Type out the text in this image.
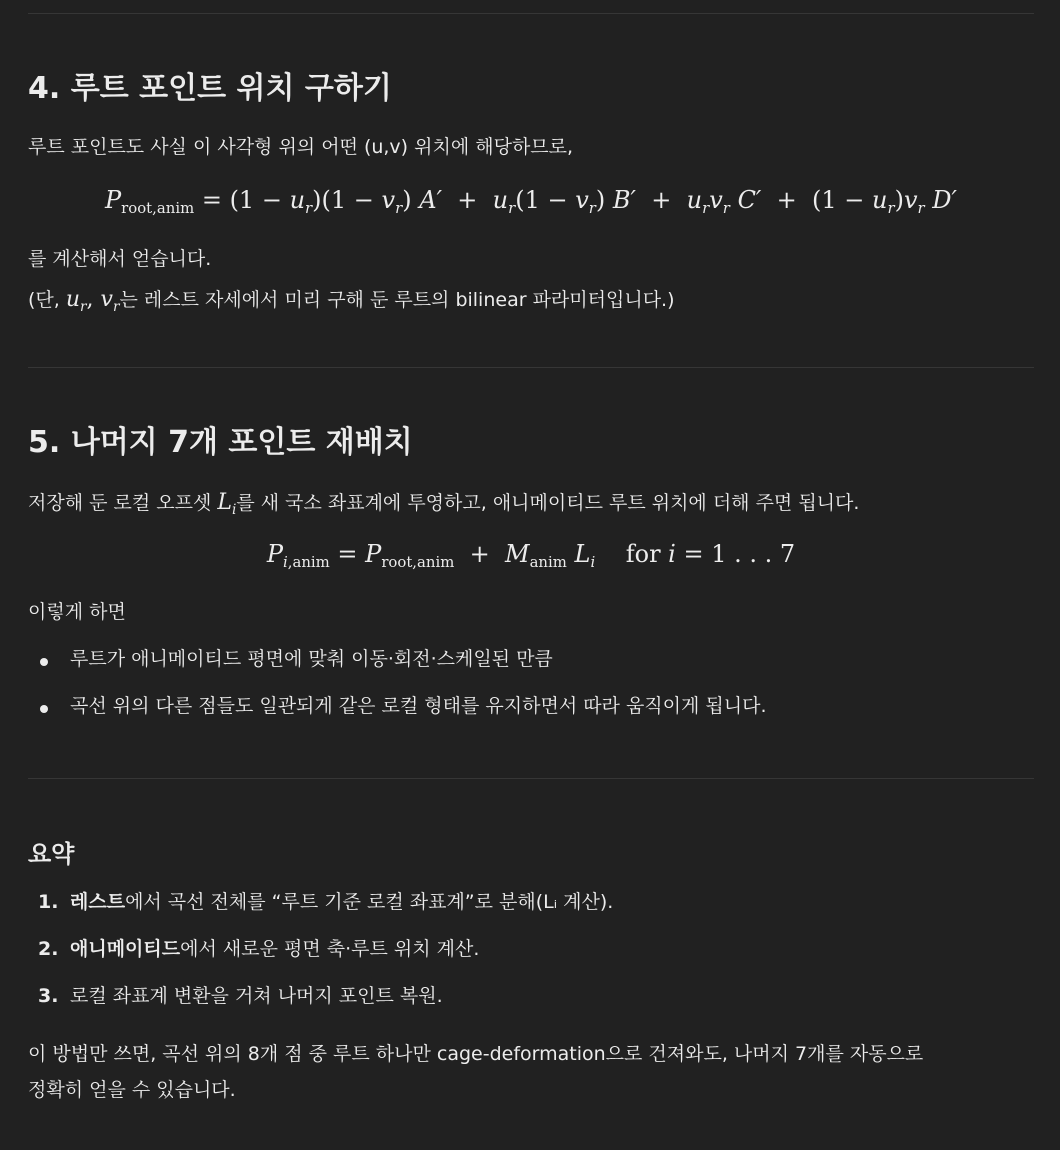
4. 루트 포인트 위치 구하기

루트 포인트도 사실 이 사각형 위의 어떤 (u,v) 위치에 해당하므로,

$P_{root,anim} = (1 - u_r)(1 - v_r) A' + u_r(1 - v_r) B' + u_rv_r$ $C' + (1 - u_r)v_r$ D′

를 계산해서 얻습니다.

(단, $u_r$, $v_r$는 레스트 자세에서 미리 구해 둔 루트의 bilinear 파라미터입니다.)

5. 나머지 7개 포인트 재배치

저장해 둔 로컬 오프셋 $L_i$를 새 국소 좌표계에 투영하고, 애니메이티드 루트 위치에 더해 주면 됩니다.

$P_{i,anim} = P_{root,anim} + M_{anim}$ $L_i$    for i = 1 . . . 7

이렇게 하면

루트가 애니메이티드 평면에 맞춰 이동·회전·스케일된 만큼
곡선 위의 다른 점들도 일관되게 같은 로컬 형태를 유지하면서 따라 움직이게 됩니다.
요약
1. 레스트에서 곡선 전체를 “루트 기준 로컬 좌표계”로 분해(Lᵢ 계산).
2. 애니메이티드에서 새로운 평면 축·루트 위치 계산.
3. 로컬 좌표계 변환을 거쳐 나머지 포인트 복원.

이 방법만 쓰면, 곡선 위의 8개 점 중 루트 하나만 cage-deformation으로 건져와도, 나머지 7개를 자동으로

정확히 얻을 수 있습니다.
